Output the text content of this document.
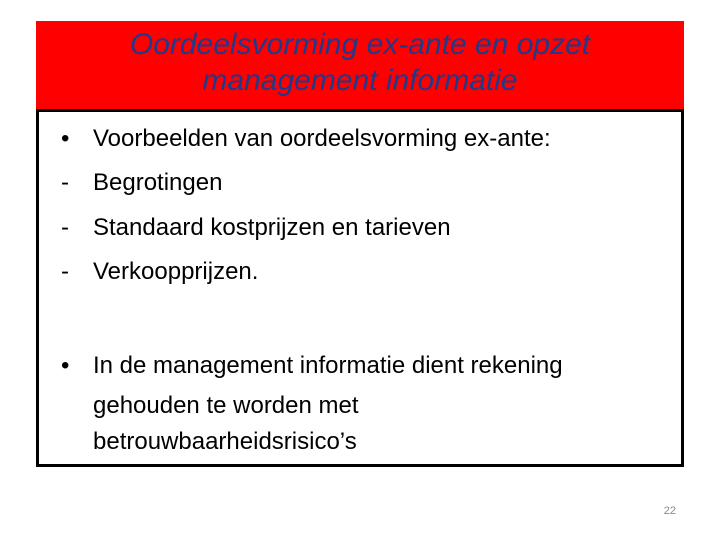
Oordeelsvorming ex-ante en opzet
management informatie
• Voorbeelden van oordeelsvorming ex-ante:
-	Begrotingen
-	Standaard kostprijzen en tarieven
-	Verkoopprijzen.
• In de management informatie dient rekening
gehouden te worden met
betrouwbaarheidsrisico’s
22
